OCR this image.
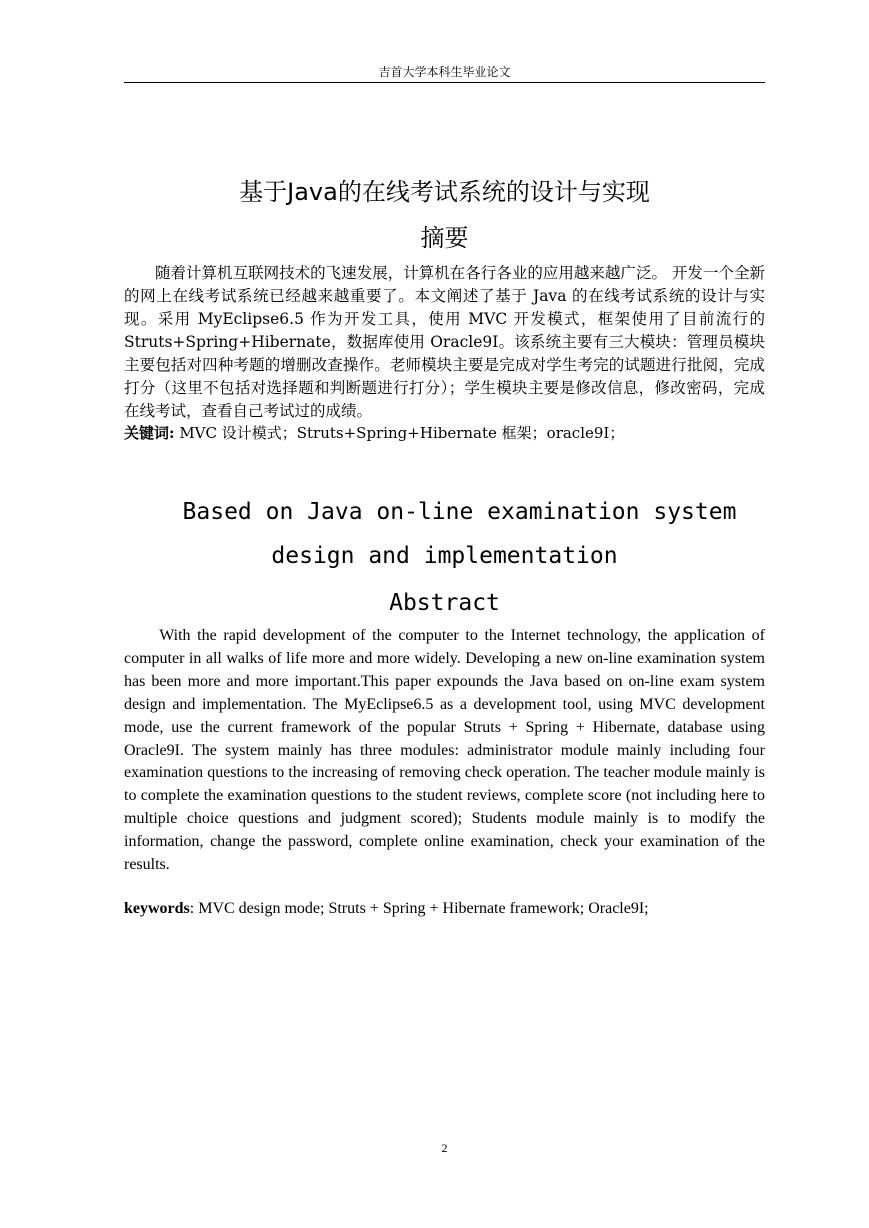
吉首大学本科生毕业论文
基于Java的在线考试系统的设计与实现
摘要

随着计算机互联网技术的飞速发展，计算机在各行各业的应用越来越广泛。 开发一个全新的网上在线考试系统已经越来越重要了。本文阐述了基于 Java 的在线考试系统的设计与实现。采用 MyEclipse6.5 作为开发工具，使用 MVC 开发模式，框架使用了目前流行的 Struts+Spring+Hibernate，数据库使用 Oracle9I。该系统主要有三大模块：管理员模块主要包括对四种考题的增删改查操作。老师模块主要是完成对学生考完的试题进行批阅，完成打分（这里不包括对选择题和判断题进行打分）；学生模块主要是修改信息，修改密码，完成在线考试，查看自己考试过的成绩。

关键词: MVC 设计模式；Struts+Spring+Hibernate 框架；oracle9I；

Based on Java on-line examination system
design and implementation
Abstract

With the rapid development of the computer to the Internet technology, the application of computer in all walks of life more and more widely. Developing a new on-line examination system has been more and more important.This paper expounds the Java based on on-line exam system design and implementation. The MyEclipse6.5 as a development tool, using MVC development mode, use the current framework of the popular Struts + Spring + Hibernate, database using Oracle9I. The system mainly has three modules: administrator module mainly including four examination questions to the increasing of removing check operation. The teacher module mainly is to complete the examination questions to the student reviews, complete score (not including here to multiple choice questions and judgment scored); Students module mainly is to modify the information, change the password, complete online examination, check your examination of the results.

keywords: MVC design mode; Struts + Spring + Hibernate framework; Oracle9I;

2
